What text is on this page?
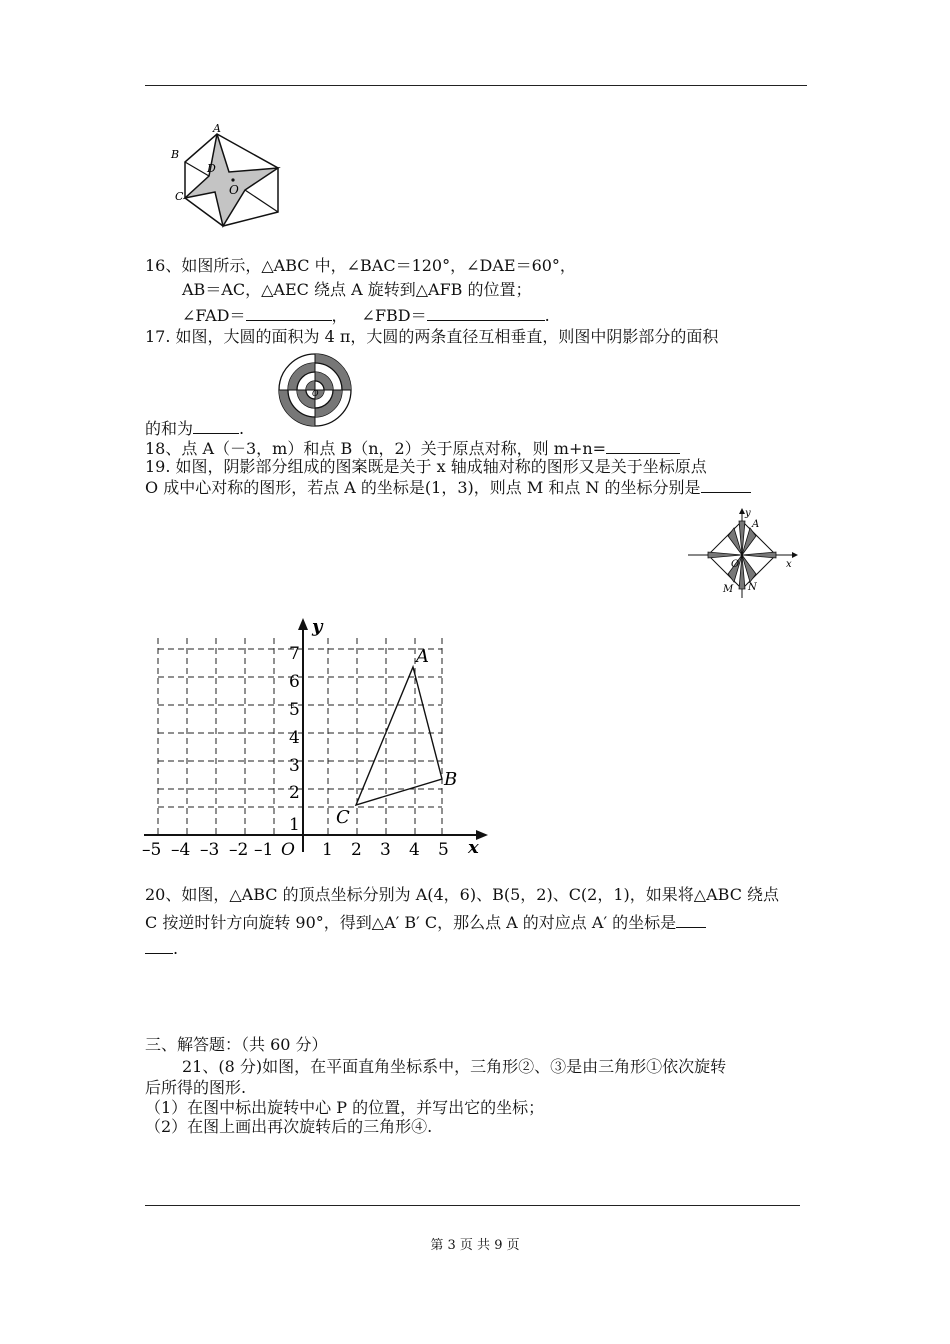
A
B
C
D
O
16、如图所示，△ABC 中，∠BAC＝120°，∠DAE＝60°，
AB＝AC，△AEC 绕点 A 旋转到△AFB 的位置；
∠FAD＝	， ∠FBD＝	.
17. 如图，大圆的面积为 4 π，大圆的两条直径互相垂直，则图中阴影部分的面积
O
的和为	.
18、点 A（－3，m）和点 B（n，2）关于原点对称，则 m+n=
19. 如图，阴影部分组成的图案既是关于 x 轴成轴对称的图形又是关于坐标原点
O 成中心对称的图形，若点 A 的坐标是(1，3)，则点 M 和点 N 的坐标分别是
y
x
A
O
M N
y
x
O
1
2
3
4
5
6
7
–5 –4 –3 –2 –1	1 2 3 4 5
A
B
C
20、如图，△ABC 的顶点坐标分别为 A(4，6)、B(5，2)、C(2，1)，如果将△ABC 绕点
C 按逆时针方向旋转 90°，得到△A′ B′ C，那么点 A 的对应点 A′ 的坐标是
.
三、解答题：（共 60 分）
21、(8 分)如图，在平面直角坐标系中，三角形②、③是由三角形①依次旋转
后所得的图形.
（1）在图中标出旋转中心 P 的位置，并写出它的坐标；
（2）在图上画出再次旋转后的三角形④.
第 3 页 共 9 页
